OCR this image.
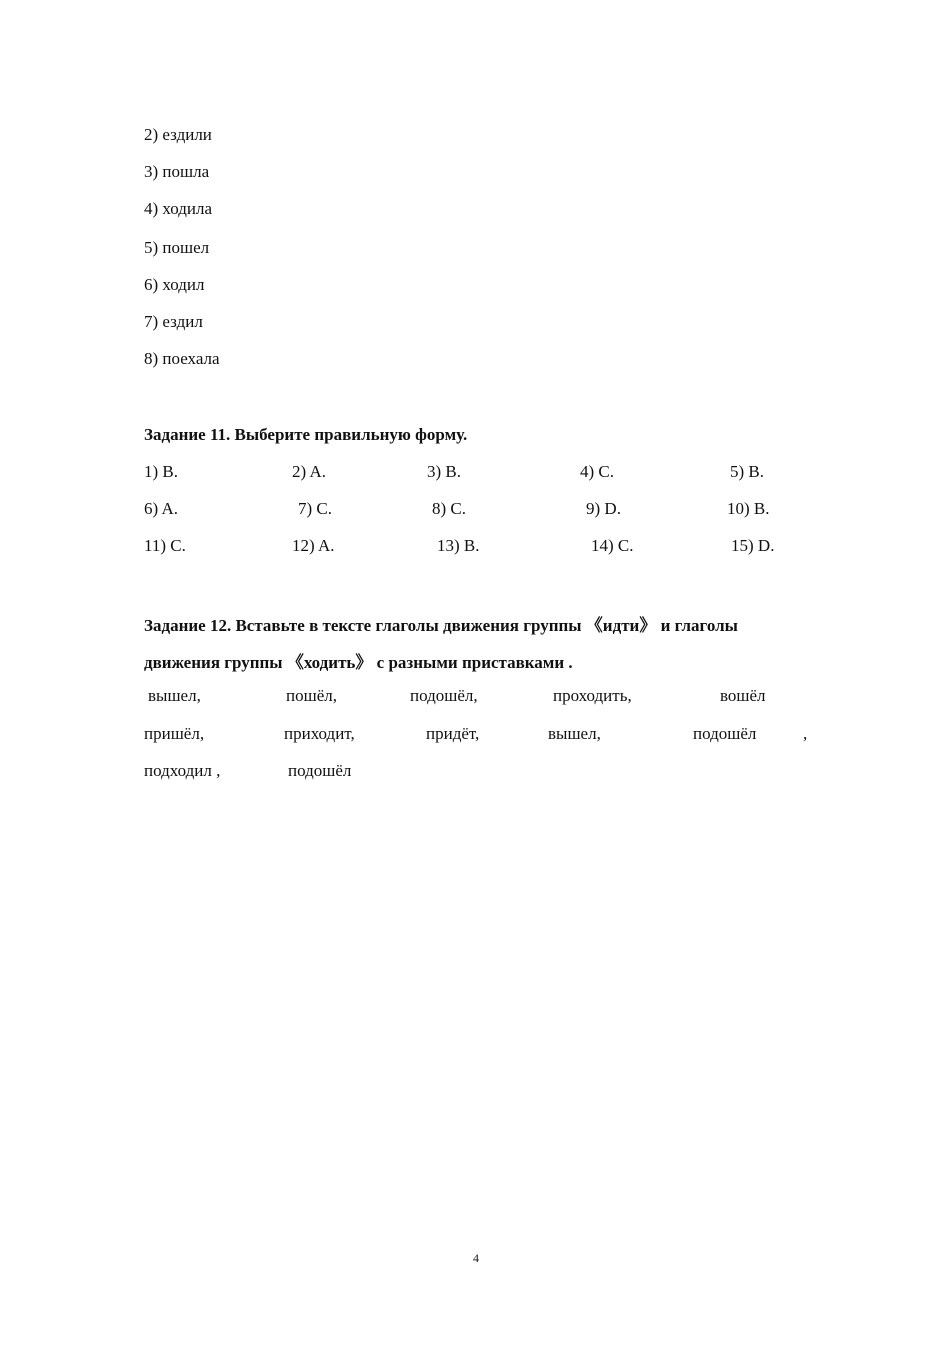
2) ездили
3) пошла
4) ходила
5) пошел
6) ходил
7) ездил
8) поехала
Задание 11. Выберите правильную форму.
1) B.	2) A.	3) B.	4) C.	5) B.
6) A.	7) C.	8) C.	9) D.	10) B.
11) C.	12) A.	13) B.	14) C.	15) D.
Задание 12. Вставьте в тексте глаголы движения группы 《идти》 и глаголы
движения группы 《ходить》 с разными приставками .
вышел,	пошёл,	подошёл,	проходить,	вошёл
пришёл,	приходит,	придёт,	вышел,	подошёл	,
подходил ,	подошёл
4
